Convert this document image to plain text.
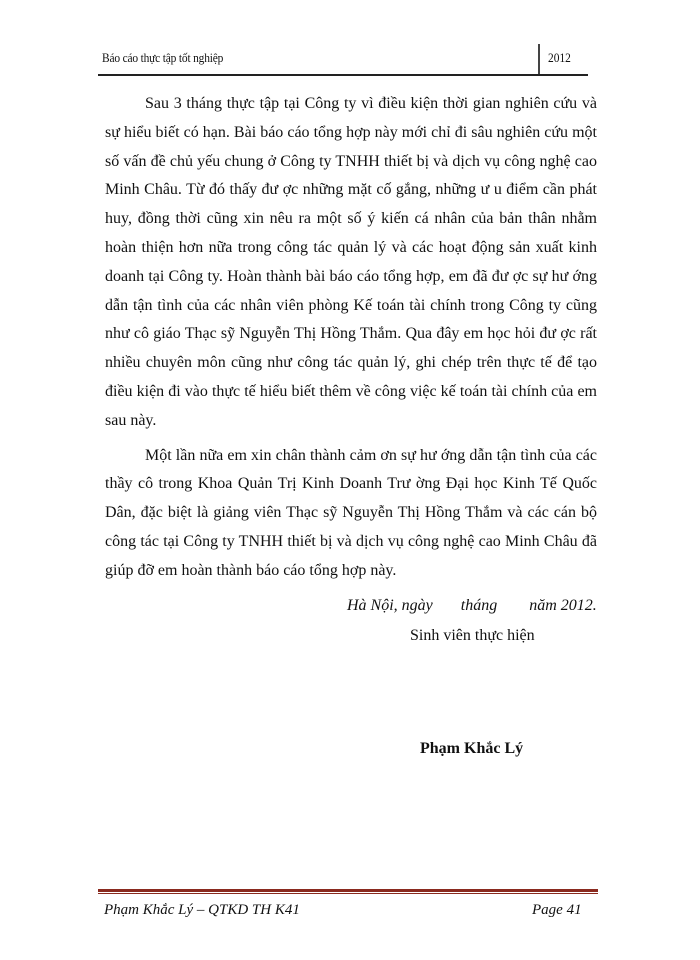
Báo cáo thực tập tốt nghiệp	2012

Sau 3 tháng thực tập tại Công ty vì điều kiện thời gian nghiên cứu và sự hiểu biết có hạn. Bài báo cáo tổng hợp này mới chỉ đi sâu nghiên cứu một số vấn đề chủ yếu chung ở Công ty TNHH thiết bị và dịch vụ công nghệ cao Minh Châu. Từ đó thấy đư ợc những mặt cố gắng, những ư u điểm cần phát huy, đồng thời cũng xin nêu ra một số ý kiến cá nhân của bản thân nhằm hoàn thiện hơn nữa trong công tác quản lý và các hoạt động sản xuất kinh doanh tại Công ty. Hoàn thành bài báo cáo tổng hợp, em đã đư ợc sự hư ớng dẫn tận tình của các nhân viên phòng Kế toán tài chính trong Công ty cũng như cô giáo Thạc sỹ Nguyễn Thị Hồng Thắm. Qua đây em học hỏi đư ợc rất nhiều chuyên môn cũng như công tác quản lý, ghi chép trên thực tế để tạo điều kiện đi vào thực tế hiểu biết thêm về công việc kế toán tài chính của em sau này.

Một lần nữa em xin chân thành cảm ơn sự hư ớng dẫn tận tình của các thầy cô trong Khoa Quản Trị Kinh Doanh Trư ờng Đại học Kinh Tế Quốc Dân, đặc biệt là giảng viên Thạc sỹ Nguyễn Thị Hồng Thắm và các cán bộ công tác tại Công ty TNHH thiết bị và dịch vụ công nghệ cao Minh Châu đã giúp đỡ em hoàn thành báo cáo tổng hợp này.

Hà Nội, ngày       tháng        năm 2012.
Sinh viên thực hiện
Phạm Khắc Lý
Phạm Khắc Lý – QTKD TH K41	Page 41
